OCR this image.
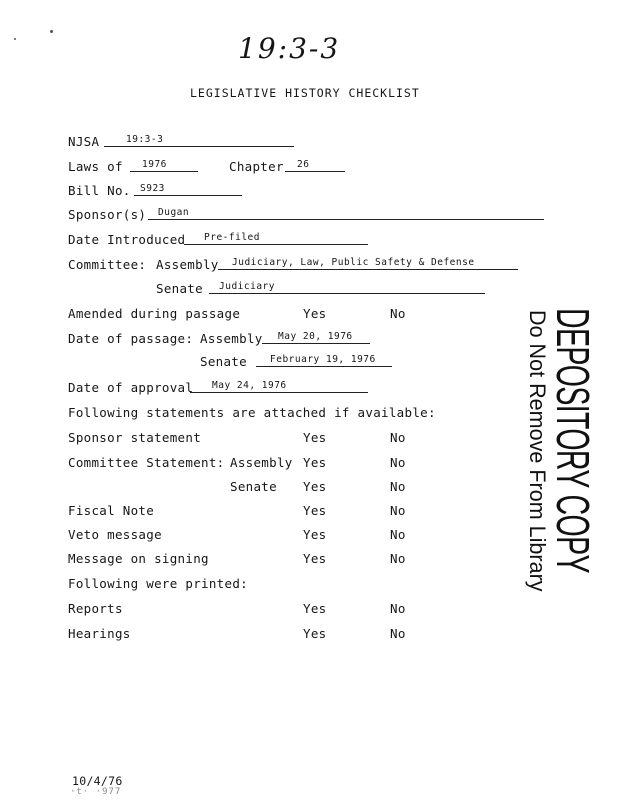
19:3-3
LEGISLATIVE HISTORY CHECKLIST
NJSA	19:3-3
Laws of 1976	Chapter 26
Bill No. S923
Sponsor(s) Dugan
Date Introduced Pre-filed
Committee: Assembly Judiciary, Law, Public Safety & Defense
Senate Judiciary
Amended during passage	Yes	No
Date of passage: Assembly May 20, 1976
Senate February 19, 1976
Date of approval May 24, 1976
Following statements are attached if available:
Sponsor statement	Yes	No
Committee Statement: Assembly Yes	No
Senate Yes	No
Fiscal Note	Yes	No
Veto message	Yes	No
Message on signing	Yes	No
Following were printed:
Reports	Yes	No
Hearings	Yes	No
DEPOSITORY COPY
Do Not Remove From Library
10/4/76
·t· ·977
